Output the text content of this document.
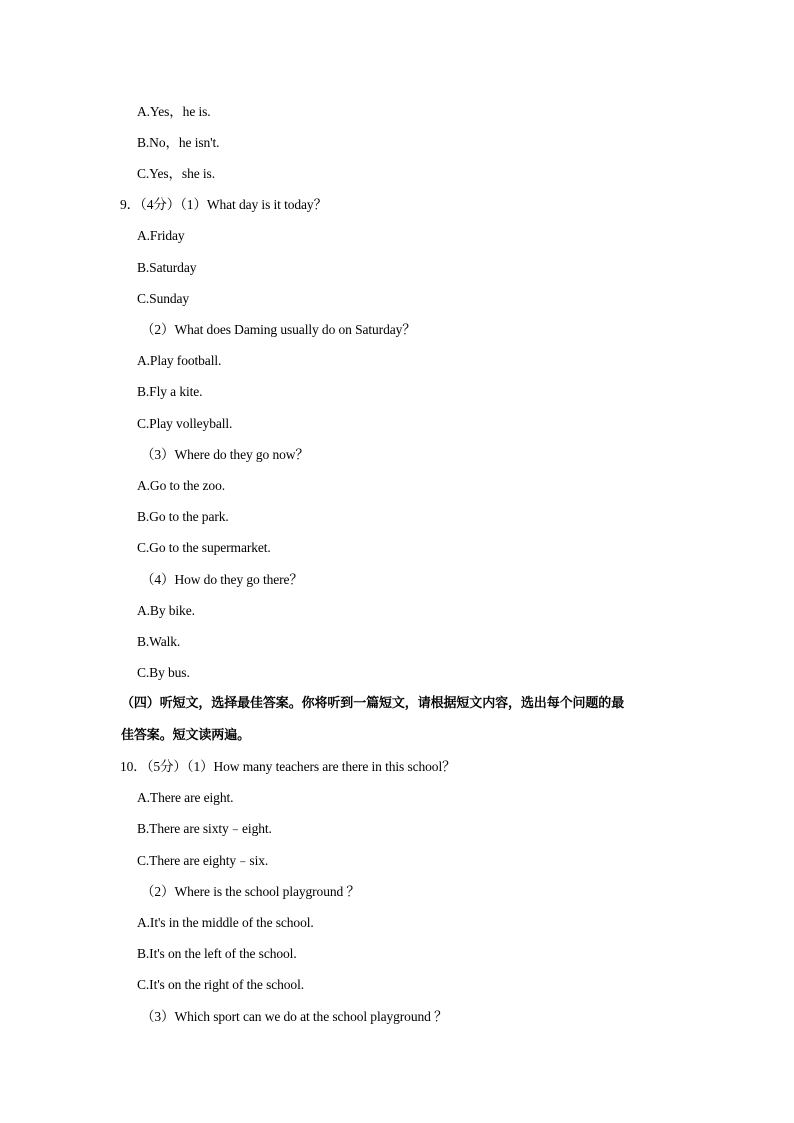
A.Yes，he is.
B.No，he isn't.
C.Yes，she is.
9．（4分）（1）What day is it today？
A.Friday
B.Saturday
C.Sunday
（2）What does Daming usually do on Saturday？
A.Play football.
B.Fly a kite.
C.Play volleyball.
（3）Where do they go now？
A.Go to the zoo.
B.Go to the park.
C.Go to the supermarket.
（4）How do they go there？
A.By bike.
B.Walk.
C.By bus.
（四）听短文，选择最佳答案。你将听到一篇短文，请根据短文内容，选出每个问题的最
佳答案。短文读两遍。
10．（5分）（1）How many teachers are there in this school？
A.There are eight.
B.There are sixty﹣eight.
C.There are eighty﹣six.
（2）Where is the school playground ？
A.It's in the middle of the school.
B.It's on the left of the school.
C.It's on the right of the school.
（3）Which sport can we do at the school playground ？
